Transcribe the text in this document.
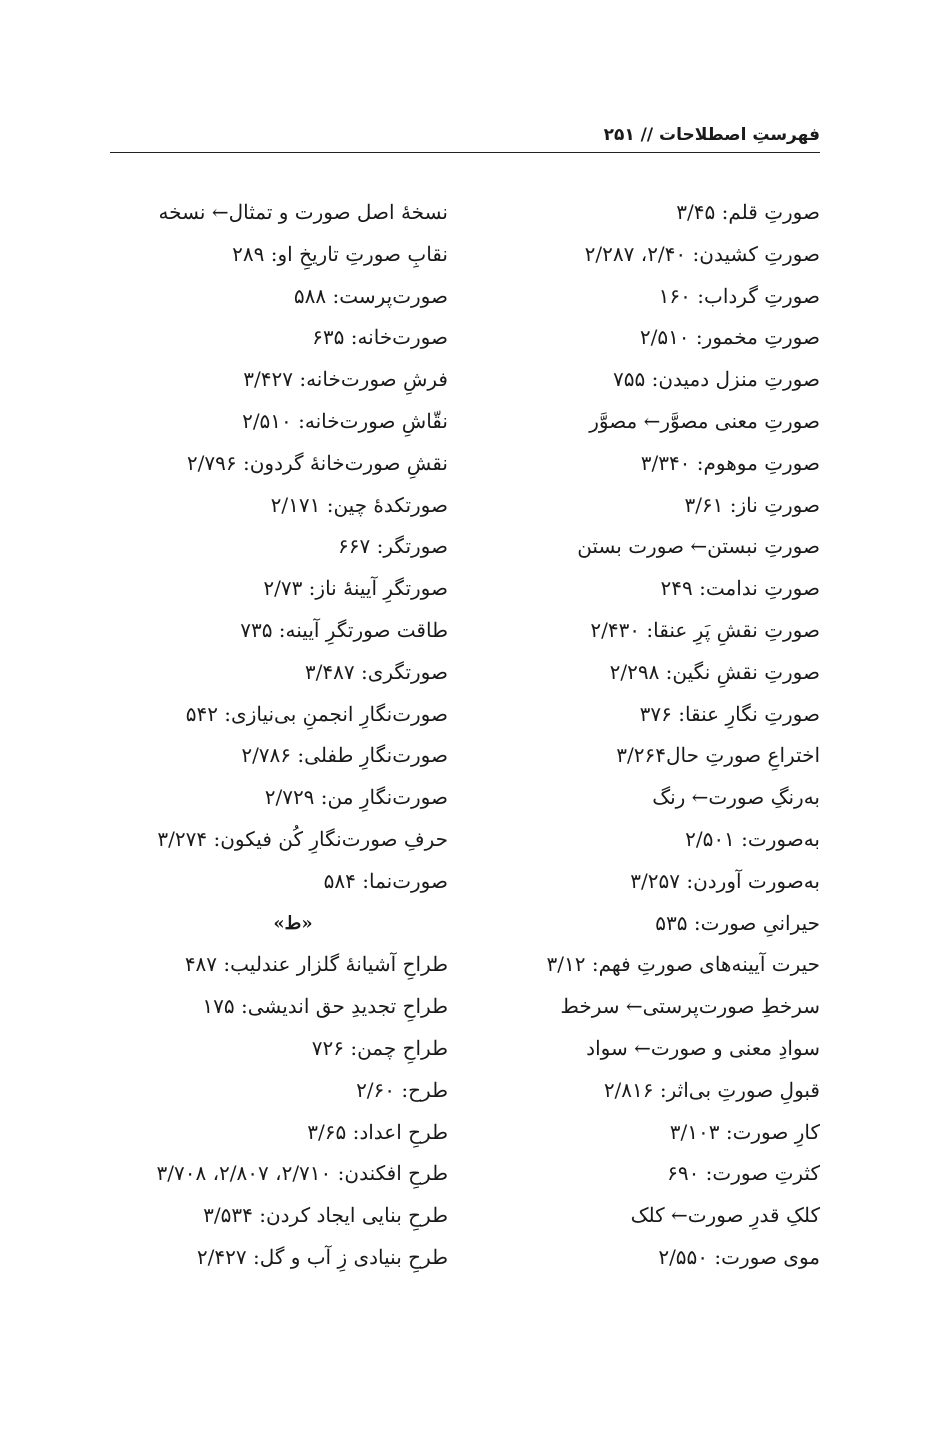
فهرستِ اصطلاحات // ۲۵۱
صورتِ قلم: ۳/۴۵
صورتِ کشیدن: ۲/۴۰، ۲/۲۸۷
صورتِ گرداب: ۱۶۰
صورتِ مخمور: ۲/۵۱۰
صورتِ منزل دمیدن: ۷۵۵
صورتِ معنی مصوَّر← مصوَّر
صورتِ موهوم: ۳/۳۴۰
صورتِ ناز: ۳/۶۱
صورتِ نبستن← صورت بستن
صورتِ ندامت: ۲۴۹
صورتِ نقشِ پَرِ عنقا: ۲/۴۳۰
صورتِ نقشِ نگین: ۲/۲۹۸
صورتِ نگارِ عنقا: ۳۷۶
اختراعِ صورتِ حال۳/۲۶۴
به‌رنگِ صورت← رنگ
به‌صورت: ۲/۵۰۱
به‌صورت آوردن: ۳/۲۵۷
حیرانیِ صورت: ۵۳۵
حیرت آیینه‌های صورتِ فهم: ۳/۱۲
سرخطِ صورت‌پرستی← سرخط
سوادِ معنی و صورت← سواد
قبولِ صورتِ بی‌اثر: ۲/۸۱۶
کارِ صورت: ۳/۱۰۳
کثرتِ صورت: ۶۹۰
کلکِ قدرِ صورت← کلک
موی صورت: ۲/۵۵۰
نسخهٔ اصل صورت و تمثال← نسخه
نقابِ صورتِ تاریخِ او: ۲۸۹
صورت‌پرست: ۵۸۸
صورت‌خانه: ۶۳۵
فرشِ صورت‌خانه: ۳/۴۲۷
نقّاشِ صورت‌خانه: ۲/۵۱۰
نقشِ صورت‌خانهٔ گردون: ۲/۷۹۶
صورتکدهٔ چین: ۲/۱۷۱
صورتگر: ۶۶۷
صورتگرِ آیینهٔ ناز: ۲/۷۳
طاقت صورتگرِ آیینه: ۷۳۵
صورتگری: ۳/۴۸۷
صورت‌نگارِ انجمنِ بی‌نیازی: ۵۴۲
صورت‌نگارِ طفلی: ۲/۷۸۶
صورت‌نگارِ من: ۲/۷۲۹
حرفِ صورت‌نگارِ کُن فیکون: ۳/۲۷۴
صورت‌نما: ۵۸۴
«ط»
طراحِ آشیانهٔ گلزار عندلیب: ۴۸۷
طراحِ تجدیدِ حق اندیشی: ۱۷۵
طراحِ چمن: ۷۲۶
طرح: ۲/۶۰
طرحِ اعداد: ۳/۶۵
طرحِ افکندن: ۲/۷۱۰، ۲/۸۰۷، ۳/۷۰۸
طرحِ بنایی ایجاد کردن: ۳/۵۳۴
طرحِ بنیادی زِ آب و گل: ۲/۴۲۷
